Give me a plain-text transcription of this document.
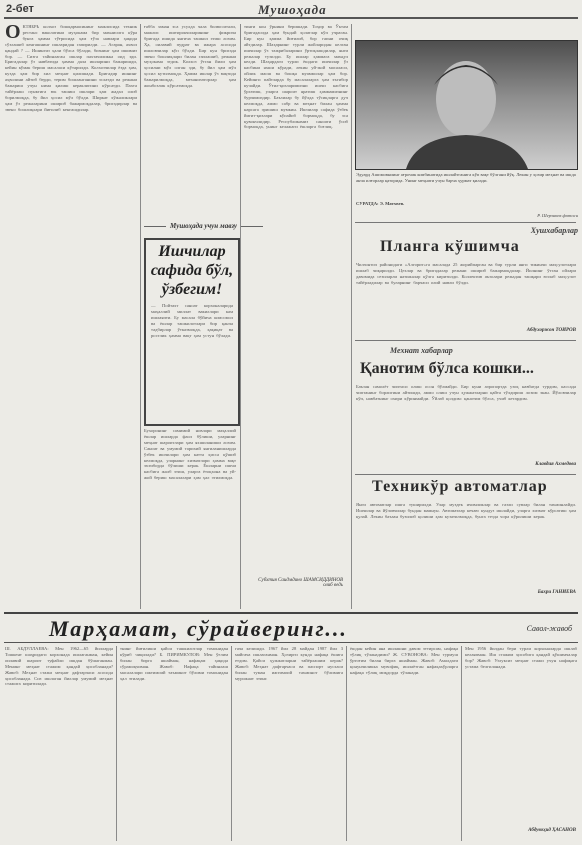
2-бет	Мушоҳада
О КТЯБРЬ колхоз бошқармасининг мажлисида техник рестанс ваколатини муҳокама бир маънисига кўра бунга ҳамма тўғрисида ҳам ғўза навлари ҳақида сўзлашиб кенгашнинг ишларидан гапирилди. — Агаран, ахвол қандай ? — Ишингиз ҳали бўлса бўлади, бизнинг ҳам ишимиз бор. — Сизга тайинлаган ишлар пахтачиликка оид эди. Бригадалар ўз навбатида ҳамма дала ишларини бажаришди, кейин кўмак бериш масаласи кўтарилди. Колхозчилар ёзда ҳам, кузда ҳам бир хил меҳнат қилишади. Бригадир ишнинг аҳволини айтиб берди, терим бошланганини эслатди ва режани бажариш учун нима қилиш кераклигини кўрсатди. Пахта тайёрлаш пунктига юк ташиш ишлари ҳам жадал олиб борилмоқда, бу йил ҳосил мўл бўлди. Ширкат хўжаликлари ҳам ўз режаларини ошириб бажармоқдалар, бригадирлар ва звено бошлиқлари йиғилиб кенгашдилар.
ғабба заман эса усулда чала билвоситали, мажлис иштирокчиларининг фикрича бригада ишида янгича ташкил этиш лозим. Ҳа, оилавий пудрат ва ижара асосида ишловчилар кўп бўлди. Бир кун бригада звено бошлиқлари билан гаплашиб, режани муҳокама этдик. Колхоз ўтган йили ҳам ҳосилни мўл олган эди, бу йил ҳам мўл ҳосил кутилмоқда. Ҳамма ишлар ўз вақтида бажарилмоқда, механизаторлар ҳам жонбозлик кўрсатмоқда.
Мушоҳада учун мавзу
Ишчилар сафида бўл, ўзбегим!
— Пойтахт саноат корхоналарида маҳаллий миллат вакиллари кам ишлаяпти. Бу масала бўйича комсомол ва ёшлар ташкилотлари бир қанча тадбирлар ўтказмоқда, ҳақиқат ва ростлик ҳамма вақт ҳам устун бўлади.
Бухоронинг самимий новлари маҳаллий ёшлар ишларда фаол бўлиши, уларнинг меҳнат шароитлари ҳам яхшиланиши лозим. Саноат ва умумий тарихий янгиланишларда ўзбек ишчилари ҳам катта ҳисса қўшиб келмоқда, уларнинг хизматлари ҳамма вақт эътиборда бўлиши керак. Ёшларни ишчи касбига жалб этиш, уларга ётоқхона ва уй-жой бериш масалалари ҳам ҳал этилмоқда.
Субхтия Саидмдино ШАМСИДДИНОВ
олиб ведь
тинги кон ўрнини беришади. Тоҳир ва Ўктам бригадасида ҳам бундай ҳолатлар кўп учраган. Бир кун ҳамма йиғилиб, бор гапни очиқ айтдилар. Шаҳарнинг турли жойларидан келган ишчилар ўз тажрибаларини ўртоқлашдилар, янги режалар тузилди. Бу ишлар ҳаммага маъқул келди. Шаҳардаги турли ёшдаги ишчилар ўз касбини яхши кўради, лекин уй-жой масаласи, ойлик маош ва бошқа муаммолар ҳам бор. Кейинги пайтларда бу масалаларга ҳам эътибор кучайди. Ўғил-қизларимизни ишчи касбига ўргатиш, уларга шароит яратиш ҳаммамизнинг бурчимиздир. Баъзилар бу йўлда тўсиқларга дуч келмоқда, аммо сабр ва меҳнат билан ҳамма нарсага эришиш мумкин. Ишчилар сафида ўзбек йигит-қизлари кўпайиб бормоқда, бу эса қувончлидир. Республикамиз саноати ўсиб бормоқда, унинг келажаги ёшларга боғлиқ.
Эдуард Ашпмовниинг ағрочик комбинатида ишлайтганига кўп вақт бўлгани йўқ. Лекин у ҳозир меҳнат ва ишда анча илғорлар қаторида. Унинг меҳнати учун барча ҳурмат қилади.
СУРАТДА: Э. Матхвев.
Р. Шерзипев фотоси
Хушхабарлар
Планга кўшимча
Чилзонтоп районидаги «Алгорит»га масалада 25 жорийпарган ва бир турли янги тикинчи маҳсулотлари ишлаб чиқарилди. Цехлар ва бригадалар режани ошириб бажармоқдалар. Йилнинг ўтган ойлари давомида сезиларли натижалар қўлга киритилди. Коллектив аъзолари режадан ташқари юзлаб маҳсулот тайёрладилар ва буларнинг барчаси олий навли бўлди.
Абдухоржон ТОИРОВ
Мехнат хабарлар
Қанотим бўлса кошки...
Баъзан самолёт чиптаси олиш осон бўлмайди. Бир куни аэропортда узоқ навбатда турдим, кассада чиптанинг борлигини айтишди, аммо олиш учун ҳужжатларни қайта тўлдириш лозим экан. Йўловчилар кўп, навбатнинг охири кўринмайди. Ўйлаб қолдим: қанотим бўлса, учиб кетардим.
Клавдия Ахмедова
Техникўр автоматлар
Янги автоматлар ишга туширилди. Улар муздек ичимликлар ва газли сувлар билан таъминлайди. Ишчилар ва йўловчилар бундан мамнун. Автоматлар кечаю кундуз ишлайди, уларга хизмат кўрсатиш ҳам қулай. Лекин баъзан бузилиб қолиши ҳам кузатилмоқда, бунга тезда чора кўрилиши керак.
Бахри ГАНИЕВА
Марҳамат, сўрайверинг...	Савол-жавоб
Ш. АБДУЛЛАЕВА: Мен 1962—65 йилларда Тошкент шаҳридаги корхонада ишлаганман, кейин оилавий шароит туфайли ишдан бўшаганман. Менинг меҳнат стажим қандай ҳисобланади? Жавоб: Меҳнат стажи меҳнат дафтарчаси асосида ҳисобланади. Сиз ишлаган йиллар умумий меҳнат стажига киритилади.
тнинг йиғилиши қайси ташкилотлар томонидан кўриб чиқилади? Б. ПИРИМКУЛОВ: Мен ўғлим билан бирга яшайман, нафақам ҳақида сўрамоқчиман. Жавоб: Нафақа тайинлаш масалалари ижтимоий таъминот бўлими томонидан ҳал этилади.
гача келишди. 1967 йил 28 майдан 1987 йил 3 майгача ишлаганман. Ҳозирги кунда нафақа ёшига етдим. Қайси ҳужжатларни тайёрлашим керак? Жавоб: Меҳнат дафтарчаси ва паспорт нусхаси билан туман ижтимоий таъминот бўлимига мурожаат этинг.
ёшдан кейин яна ишлашни давом эттирсам, нафақа тўлиқ тўланадими? Ж. СУВОНОВА: Мен турмуш ўртоғим билан бирга яшайман. Жавоб: Амалдаги қонунчиликка мувофиқ, ишлаётган нафақахўрларга нафақа тўлиқ миқдорда тўланади.
Мен 1956 йилдан бери турли корхоналарда ишлаб келаяпман. Иш стажим ҳисобига қандай қўшимчалар бор? Жавоб: Узлуксиз меҳнат стажи учун нафақага устама белгиланади.
Абдувоҳид ҲАСАНОВ
